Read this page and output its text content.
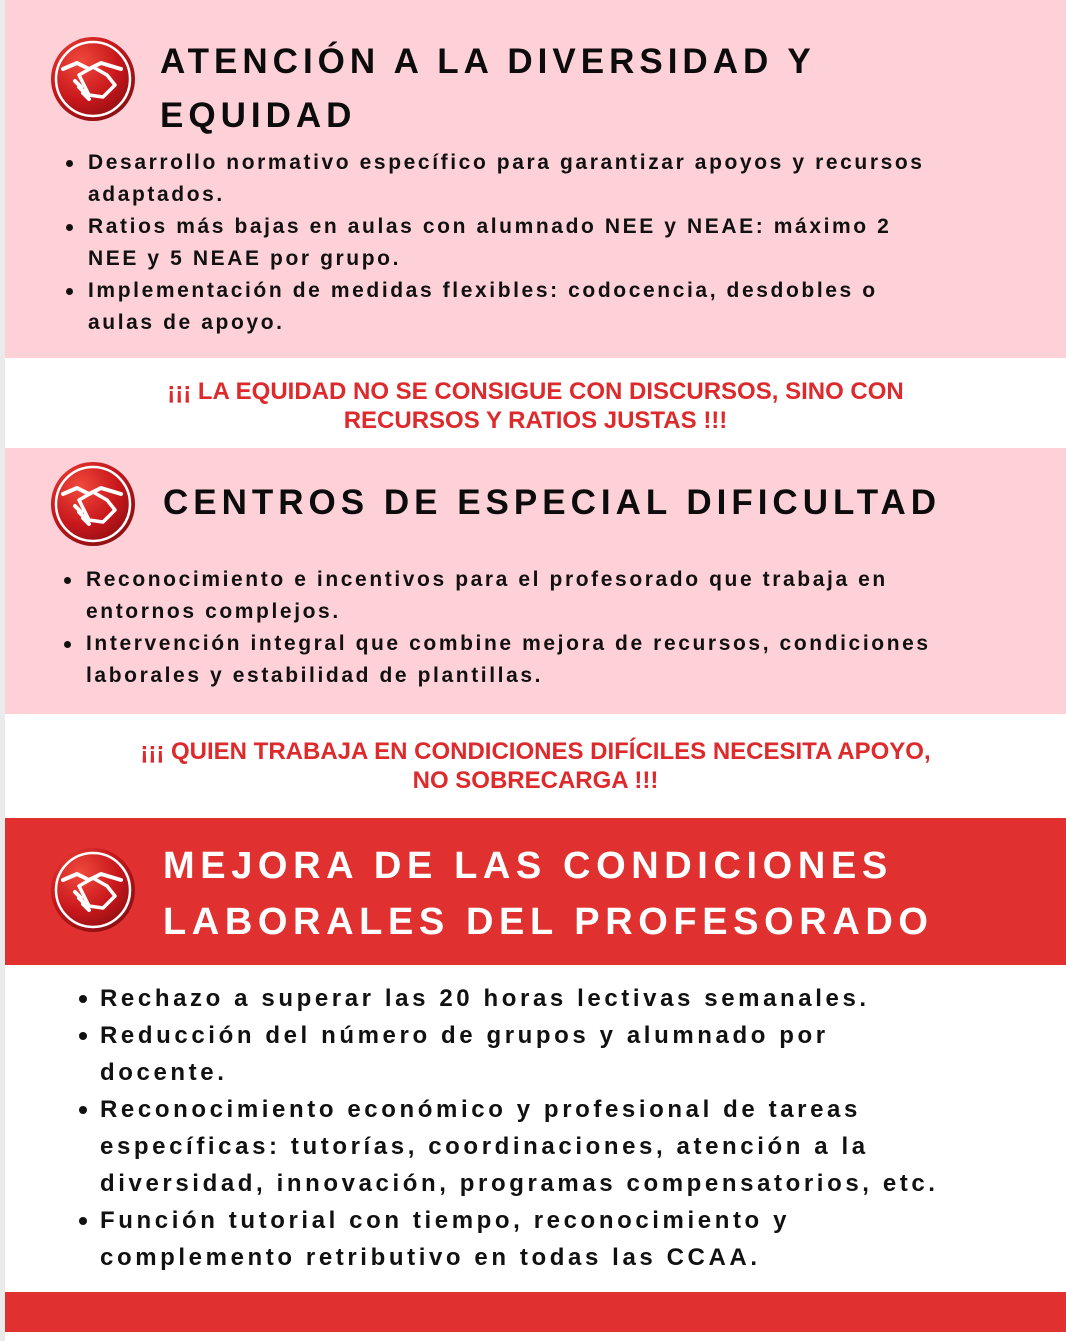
ATENCIÓN A LA DIVERSIDAD Y
EQUIDAD
Desarrollo normativo específico para garantizar apoyos y recursos
adaptados.
Ratios más bajas en aulas con alumnado NEE y NEAE: máximo 2
NEE y 5 NEAE por grupo.
Implementación de medidas flexibles: codocencia, desdobles o
aulas de apoyo.

¡¡¡ LA EQUIDAD NO SE CONSIGUE CON DISCURSOS, SINO CON
RECURSOS Y RATIOS JUSTAS !!!

CENTROS DE ESPECIAL DIFICULTAD
Reconocimiento e incentivos para el profesorado que trabaja en
entornos complejos.
Intervención integral que combine mejora de recursos, condiciones
laborales y estabilidad de plantillas.

¡¡¡ QUIEN TRABAJA EN CONDICIONES DIFÍCILES NECESITA APOYO,
NO SOBRECARGA !!!

MEJORA DE LAS CONDICIONES
LABORALES DEL PROFESORADO
Rechazo a superar las 20 horas lectivas semanales.
Reducción del número de grupos y alumnado por
docente.
Reconocimiento económico y profesional de tareas
específicas: tutorías, coordinaciones, atención a la
diversidad, innovación, programas compensatorios, etc.
Función tutorial con tiempo, reconocimiento y
complemento retributivo en todas las CCAA.
